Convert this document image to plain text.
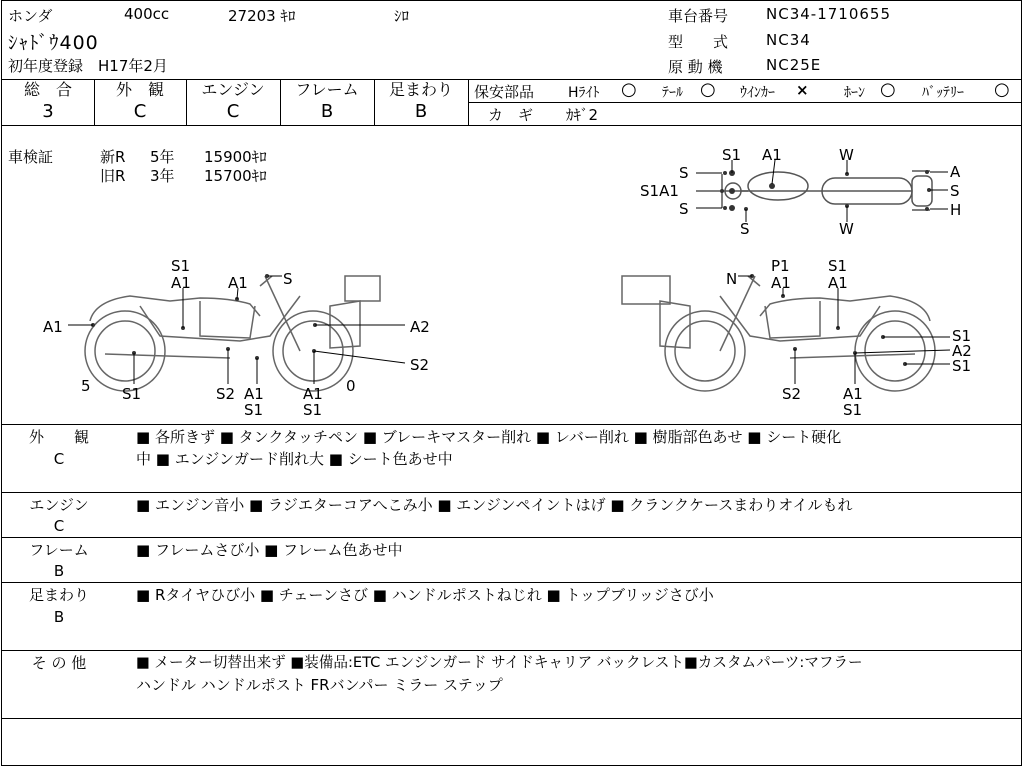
ホンダ	400cc	27203 ｷﾛ	ｼﾛ
ｼｬﾄﾞｳ400
初年度登録 H17年2月
車台番号	NC34-1710655
型　　式	NC34
原 動 機	NC25E
総　合
3
外　観
C
エンジン
C
フレーム
B
足まわり
B
保安部品 Hﾗｲﾄ ○ ﾃｰﾙ ○ ｳｲﾝｶｰ ×	ﾎｰﾝ ○ ﾊﾞｯﾃﾘｰ ○
カ　ギ ｶｷﾞ2
車検証	新R 5年 15900ｷﾛ
旧R 3年 15700ｷﾛ
S1 A1	W
S
S1A1
S
S	W
A
S
H
S1
A1 A1 S
A1	A2
S2
5 S1	S2 A1
S1
A1
S1
0
N
P1
A1
S1
A1
S1
A2
S1
S2	A1
S1
外　　観
C
■ 各所きず ■ タンクタッチペン ■ ブレーキマスター削れ ■ レバー削れ ■ 樹脂部色あせ ■ シート硬化
中 ■ エンジンガード削れ大 ■ シート色あせ中
エンジン
C
■ エンジン音小 ■ ラジエターコアへこみ小 ■ エンジンペイントはげ ■ クランクケースまわりオイルもれ
フレーム
B
■ フレームさび小 ■ フレーム色あせ中
足まわり
B
■ Rタイヤひび小 ■ チェーンさび ■ ハンドルポストねじれ ■ トップブリッジさび小
そ の 他	■ メーター切替出来ず ■装備品:ETC エンジンガード サイドキャリア バックレスト■カスタムパーツ:マフラー
ハンドル ハンドルポスト FRバンパー ミラー ステップ
